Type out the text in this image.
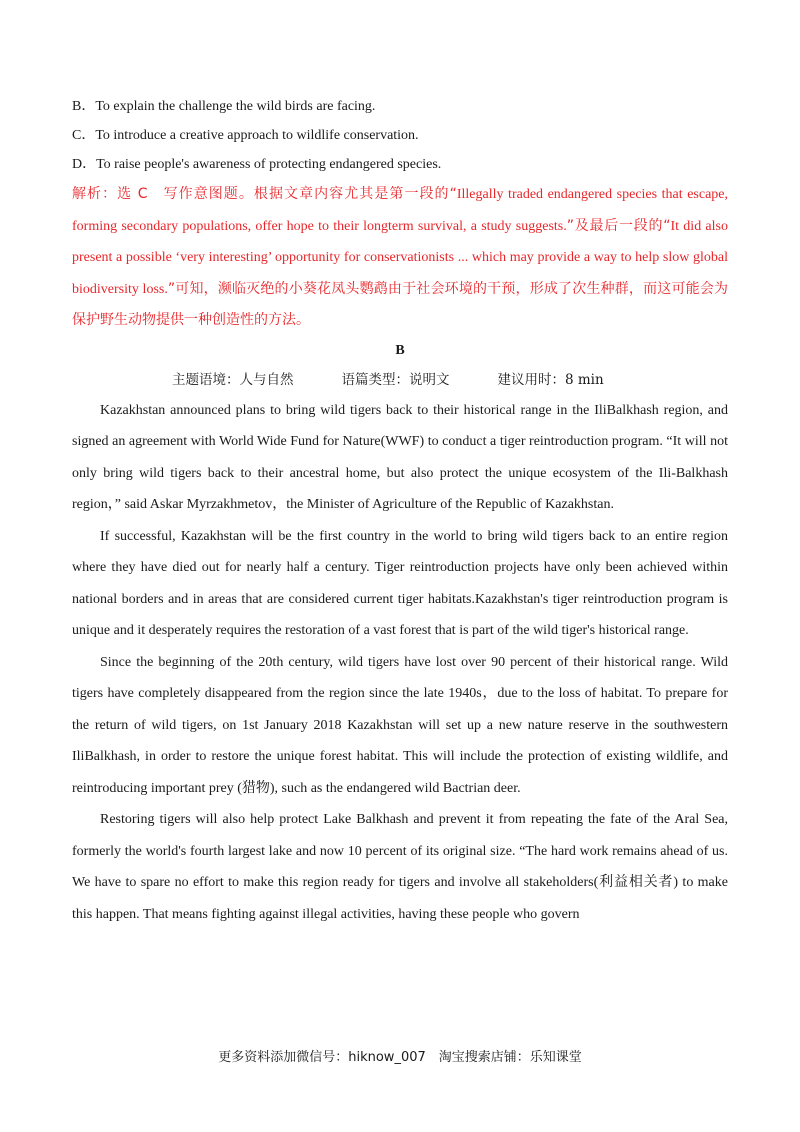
B．To explain the challenge the wild birds are facing.

C．To introduce a creative approach to wildlife conservation.

D．To raise people's awareness of protecting endangered species.

解析：选 C　写作意图题。根据文章内容尤其是第一段的“Illegally traded endangered species that escape, forming secondary populations, offer hope to their longterm survival, a study suggests.”及最后一段的“It did also present a possible ‘very interesting’ opportunity for conservationists ... which may provide a way to help slow global biodiversity loss.”可知，濒临灭绝的小葵花凤头鹦鹉由于社会环境的干预，形成了次生种群，而这可能会为保护野生动物提供一种创造性的方法。

B

主题语境：人与自然	语篇类型：说明文	建议用时：8 min

Kazakhstan announced plans to bring wild tigers back to their historical range in the IliBalkhash region, and signed an agreement with World Wide Fund for Nature(WWF) to conduct a tiger reintroduction program. “It will not only bring wild tigers back to their ancestral home, but also protect the unique ecosystem of the Ili-Balkhash region，” said Askar Myrzakhmetov，the Minister of Agriculture of the Republic of Kazakhstan.

If successful, Kazakhstan will be the first country in the world to bring wild tigers back to an entire region where they have died out for nearly half a century. Tiger reintroduction projects have only been achieved within national borders and in areas that are considered current tiger habitats.Kazakhstan's tiger reintroduction program is unique and it desperately requires the restoration of a vast forest that is part of the wild tiger's historical range.

Since the beginning of the 20th century, wild tigers have lost over 90 percent of their historical range. Wild tigers have completely disappeared from the region since the late 1940s，due to the loss of habitat. To prepare for the return of wild tigers, on 1st January 2018 Kazakhstan will set up a new nature reserve in the southwestern IliBalkhash, in order to restore the unique forest habitat. This will include the protection of existing wildlife, and reintroducing important prey (猎物), such as the endangered wild Bactrian deer.

Restoring tigers will also help protect Lake Balkhash and prevent it from repeating the fate of the Aral Sea, formerly the world's fourth largest lake and now 10 percent of its original size. “The hard work remains ahead of us. We have to spare no effort to make this region ready for tigers and involve all stakeholders(利益相关者) to make this happen. That means fighting against illegal activities, having these people who govern

更多资料添加微信号：hiknow_007　淘宝搜索店铺：乐知课堂
